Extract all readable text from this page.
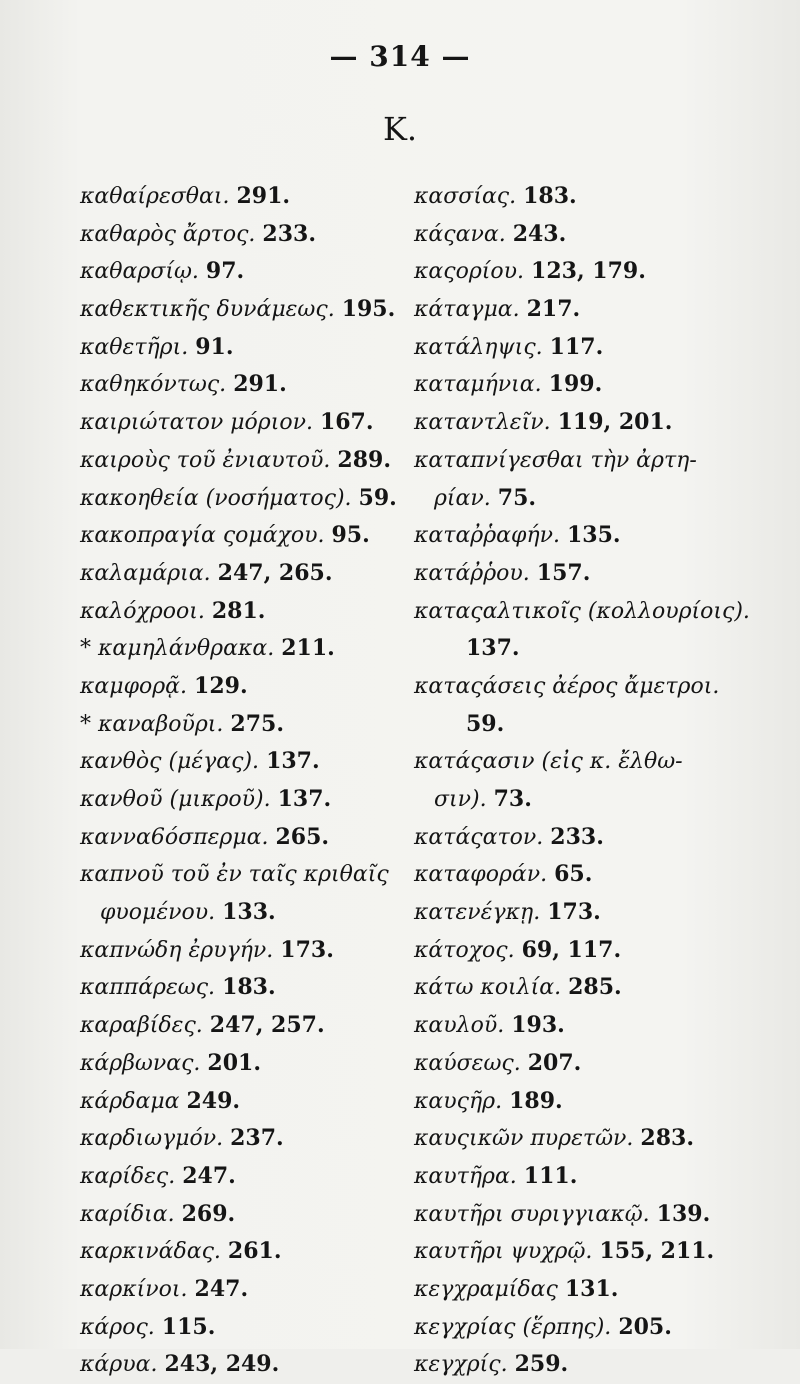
— 314 —
K.
καθαίρεσθαι. 291.
καθαρὸς ἄρτος. 233.
καθαρσίῳ. 97.
καθεκτικῆς δυνάμεως. 195.
καθετῆρι. 91.
καθηκόντως. 291.
καιριώτατον μόριον. 167.
καιροὺς τοῦ ἐνιαυτοῦ. 289.
κακοηθεία (νοσήματος). 59.
κακοπραγία ςομάχου. 95.
καλαμάρια. 247, 265.
καλόχροοι. 281.
* καμηλάνθρακα. 211.
καμφορᾷ. 129.
* καναβοῦρι. 275.
κανθὸς (μέγας). 137.
κανθοῦ (μικροῦ). 137.
καννα6όσπερμα. 265.
καπνοῦ τοῦ ἐν ταῖς κριθαῖς
φυομένου. 133.
καπνώδη ἐρυγήν. 173.
καππάρεως. 183.
καραβίδες. 247, 257.
κάρβωνας. 201.
κάρδαμα 249.
καρδιωγμόν. 237.
καρίδες. 247.
καρίδια. 269.
καρκινάδας. 261.
καρκίνοι. 247.
κάρος. 115.
κάρυα. 243, 249.
κασσίας. 183.
κάςανα. 243.
καςορίου. 123, 179.
κάταγμα. 217.
κατάληψις. 117.
καταμήνια. 199.
καταντλεῖν. 119, 201.
καταπνίγεσθαι τὴν ἀρτη-
ρίαν. 75.
καταῤῥαφήν. 135.
κατάῤῥου. 157.
καταςαλτικοῖς (κολλουρίοις).
137.
καταςάσεις ἀέρος ἄμετροι.
59.
κατάςασιν (εἰς κ. ἔλθω-
σιν). 73.
κατάςατον. 233.
καταφοράν. 65.
κατενέγκῃ. 173.
κάτοχος. 69, 117.
κάτω κοιλία. 285.
καυλοῦ. 193.
καύσεως. 207.
καυςῆρ. 189.
καυςικῶν πυρετῶν. 283.
καυτῆρα. 111.
καυτῆρι συριγγιακῷ. 139.
καυτῆρι ψυχρῷ. 155, 211.
κεγχραμίδας 131.
κεγχρίας (ἕρπης). 205.
κεγχρίς. 259.
